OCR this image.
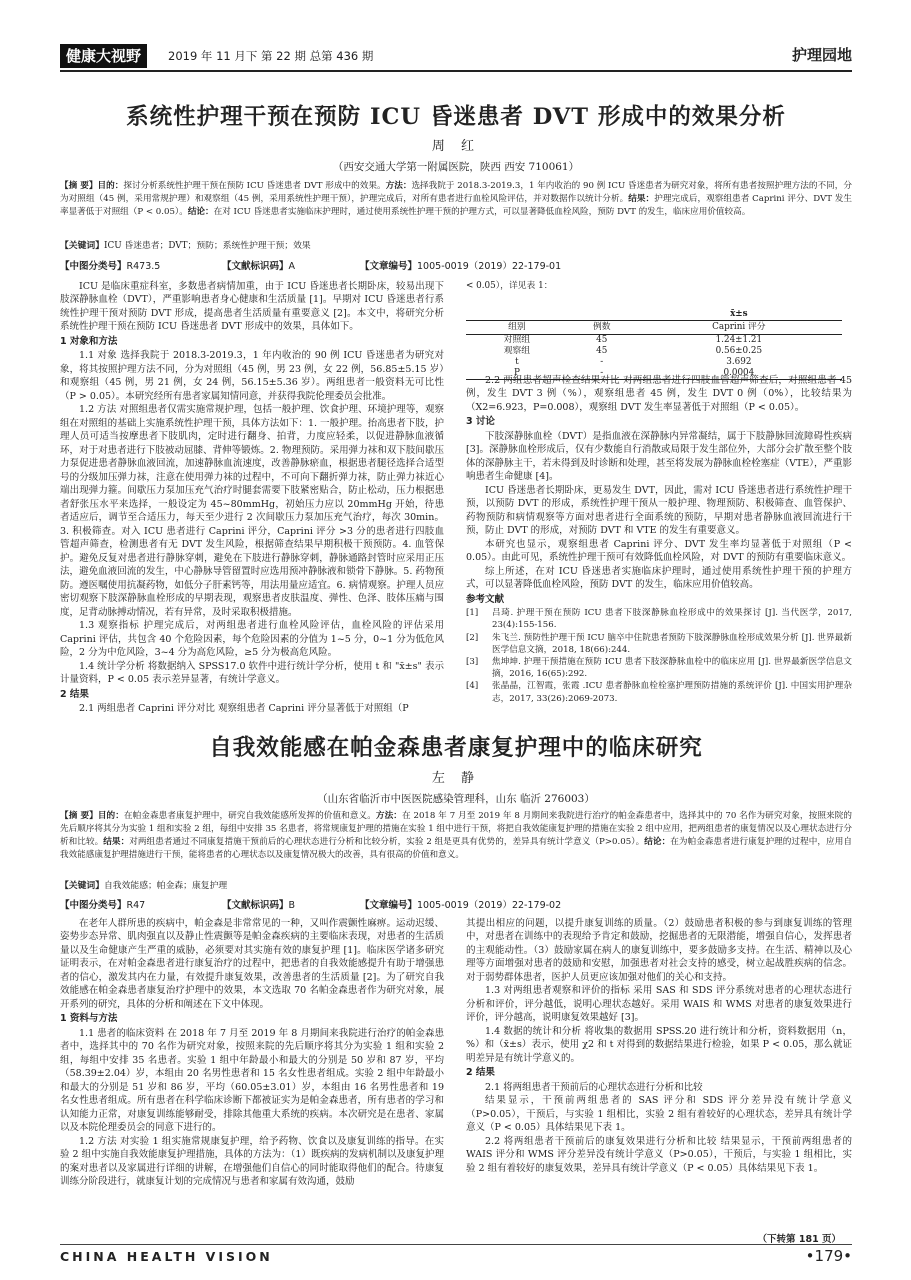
健康大视野	2019 年 11 月下 第 22 期 总第 436 期	护理园地
系统性护理干预在预防 ICU 昏迷患者 DVT 形成中的效果分析
周 红
（西安交通大学第一附属医院，陕西 西安 710061）
【摘 要】目的：探讨分析系统性护理干预在预防 ICU 昏迷患者 DVT 形成中的效果。方法：选择我院于 2018.3-2019.3，1 年内收治的 90 例 ICU 昏迷患者为研究对象，将所有患者按照护理方法的不同，分为对照组（45 例，采用常规护理）和观察组（45 例，采用系统性护理干预），护理完成后，对所有患者进行血栓风险评估，并对数据作以统计分析。结果：护理完成后，观察组患者 Caprini 评分、DVT 发生率显著低于对照组（P < 0.05）。结论：在对 ICU 昏迷患者实施临床护理时，通过使用系统性护理干预的护理方式，可以显著降低血栓风险，预防 DVT 的发生，临床应用价值较高。
【关键词】ICU 昏迷患者；DVT；预防；系统性护理干预；效果
【中图分类号】R473.5	【文献标识码】A	【文章编号】1005-0019（2019）22-179-01

ICU 是临床重症科室，多数患者病情加重，由于 ICU 昏迷患者长期卧床，较易出现下肢深静脉血栓（DVT），严重影响患者身心健康和生活质量 [1]。早期对 ICU 昏迷患者行系统性护理干预对预防 DVT 形成，提高患者生活质量有重要意义 [2]。本文中，将研究分析系统性护理干预在预防 ICU 昏迷患者 DVT 形成中的效果，具体如下。

1 对象和方法

1.1 对象 选择我院于 2018.3-2019.3，1 年内收治的 90 例 ICU 昏迷患者为研究对象，将其按照护理方法不同，分为对照组（45 例，男 23 例，女 22 例，56.85±5.15 岁）和观察组（45 例，男 21 例，女 24 例，56.15±5.36 岁）。两组患者一般资料无可比性（P > 0.05）。本研究经所有患者家属知情同意，并获得我院伦理委员会批准。

1.2 方法 对照组患者仅需实施常规护理，包括一般护理、饮食护理、环境护理等，观察组在对照组的基础上实施系统性护理干预，具体方法如下：1. 一般护理。抬高患者下肢，护理人员可适当按摩患者下肢肌肉，定时进行翻身、拍背，力度应轻柔，以促进静脉血液循环，对于对患者进行下肢被动屈膝、背伸等锻炼。2. 物理预防。采用弹力袜和双下肢间歇压力泵促进患者静脉血液回流，加速静脉血流速度，改善静脉瘀血，根据患者腿径选择合适型号的分级加压弹力袜，注意在使用弹力袜的过程中，不可向下翻折弹力袜，防止弹力袜近心端出现弹力箍。间歇压力泵加压充气治疗时腿套需要下肢紧密贴合，防止松动，压力根据患者舒张压水平来选择，一般设定为 45~80mmHg，初始压力应以 20mmHg 开始，待患者适应后，调节至合适压力，每天至少进行 2 次间歇压力泵加压充气治疗，每次 30min。3. 积极筛查。对入 ICU 患者进行 Caprini 评分，Caprini 评分 >3 分的患者进行四肢血管超声筛查，检测患者有无 DVT 发生风险，根据筛查结果早期积极干预预防。4. 血管保护。避免反复对患者进行静脉穿刺，避免在下肢进行静脉穿刺，静脉通路封管时应采用正压法，避免血液回流的发生，中心静脉导管留置时应选用预冲静脉液和锁骨下静脉。5. 药物预防。遵医嘱使用抗凝药物，如低分子肝素钙等，用法用量应适宜。6. 病情观察。护理人员应密切观察下肢深静脉血栓形成的早期表现，观察患者皮肤温度、弹性、色泽、肢体压痛与围度，足背动脉搏动情况，若有异常，及时采取积极措施。

1.3 观察指标 护理完成后，对两组患者进行血栓风险评估，血栓风险的评估采用 Caprini 评估，共包含 40 个危险因素，每个危险因素的分值为 1~5 分，0~1 分为低危风险，2 分为中危风险，3~4 分为高危风险，≥5 分为极高危风险。

1.4 统计学分析 将数据纳入 SPSS17.0 软件中进行统计学分析，使用 t 和 "x̄±s" 表示计量资料，P < 0.05 表示差异显著，有统计学意义。

2 结果

2.1 两组患者 Caprini 评分对比 观察组患者 Caprini 评分显著低于对照组（P

< 0.05），详见表 1：
		x̄±s
组别	例数	Caprini 评分
对照组	45	1.24±1.21
观察组	45	0.56±0.25
t	-	3.692
P	-	0.0004

2.2 两组患者超声检查结果对比 对两组患者进行四肢血管超声筛查后，对照组患者 45 例，发生 DVT 3 例（%），观察组患者 45 例，发生 DVT 0 例（0%），比较结果为（X2=6.923，P=0.008），观察组 DVT 发生率显著低于对照组（P < 0.05）。

3 讨论

下肢深静脉血栓（DVT）是指血液在深静脉内异常凝结，属于下肢静脉回流障碍性疾病 [3]。深静脉血栓形成后，仅有少数能自行消散或局限于发生部位外，大部分会扩散至整个肢体的深静脉主干，若未得到及时诊断和处理，甚至将发展为静脉血栓栓塞症（VTE），严重影响患者生命健康 [4]。

ICU 昏迷患者长期卧床，更易发生 DVT，因此，需对 ICU 昏迷患者进行系统性护理干预，以预防 DVT 的形成，系统性护理干预从一般护理、物理预防、积极筛查、血管保护、药物预防和病情观察等方面对患者进行全面系统的预防，早期对患者静脉血液回流进行干预，防止 DVT 的形成，对预防 DVT 和 VTE 的发生有重要意义。

本研究也显示，观察组患者 Caprini 评分、DVT 发生率均显著低于对照组（P < 0.05）。由此可见，系统性护理干预可有效降低血栓风险，对 DVT 的预防有重要临床意义。

综上所述，在对 ICU 昏迷患者实施临床护理时，通过使用系统性护理干预的护理方式，可以显著降低血栓风险，预防 DVT 的发生，临床应用价值较高。

参考文献
[1] 吕琦. 护理干预在预防 ICU 患者下肢深静脉血栓形成中的效果探讨 [J]. 当代医学，2017, 23(4):155-156.
[2] 朱飞兰. 预防性护理干预 ICU 脑卒中住院患者预防下肢深静脉血栓形成效果分析 [J]. 世界最新医学信息文摘，2018, 18(66):244.
[3] 焦坤坤. 护理干预措施在预防 ICU 患者下肢深静脉血栓中的临床应用 [J]. 世界最新医学信息文摘，2016, 16(65):292.
[4] 张晶晶，江智霞，张霞 .ICU 患者静脉血栓栓塞护理预防措施的系统评价 [J]. 中国实用护理杂志，2017, 33(26):2069-2073.
自我效能感在帕金森患者康复护理中的临床研究
左 静
（山东省临沂市中医医院感染管理科，山东 临沂 276003）
【摘 要】目的：在帕金森患者康复护理中，研究自我效能感所发挥的价值和意义。方法：在 2018 年 7 月至 2019 年 8 月期间来我院进行治疗的帕金森患者中，选择其中的 70 名作为研究对象，按照来院的先后顺序将其分为实验 1 组和实验 2 组，每组中安排 35 名患者，将常规康复护理的措施在实验 1 组中进行干预，将把自我效能康复护理的措施在实验 2 组中应用，把两组患者的康复情况以及心理状态进行分析和比较。结果：对两组患者通过不同康复措施干预前后的心理状态进行分析和比较分析，实验 2 组是更具有优势的，差异具有统计学意义（P>0.05）。结论：在为帕金森患者进行康复护理的过程中，应用自我效能感康复护理措施进行干预，能将患者的心理状态以及康复情况极大的改善，具有很高的价值和意义。
【关键词】自我效能感；帕金森；康复护理
【中图分类号】R47	【文献标识码】B	【文章编号】1005-0019（2019）22-179-02

在老年人群所患的疾病中，帕金森是非常常见的一种，又叫作震颤性麻痹。运动迟缓、姿势步态异常、肌肉强直以及静止性震颤等是帕金森疾病的主要临床表现，对患者的生活质量以及生命健康产生严重的威胁，必须要对其实施有效的康复护理 [1]。临床医学诸多研究证明表示，在对帕金森患者进行康复治疗的过程中，把患者的自我效能感提升有助于增强患者的信心，激发其内在力量，有效提升康复效果，改善患者的生活质量 [2]。为了研究自我效能感在帕金森患者康复治疗护理中的效果，本文选取 70 名帕金森患者作为研究对象，展开系列的研究，具体的分析和阐述在下文中体现。

1 资料与方法

1.1 患者的临床资料 在 2018 年 7 月至 2019 年 8 月期间来我院进行治疗的帕金森患者中，选择其中的 70 名作为研究对象，按照来院的先后顺序将其分为实验 1 组和实验 2 组，每组中安排 35 名患者。实验 1 组中年龄最小和最大的分别是 50 岁和 87 岁，平均（58.39±2.04）岁，本组由 20 名男性患者和 15 名女性患者组成。实验 2 组中年龄最小和最大的分别是 51 岁和 86 岁，平均（60.05±3.01）岁，本组由 16 名男性患者和 19 名女性患者组成。所有患者在科学临床诊断下都被证实为是帕金森患者，所有患者的学习和认知能力正常，对康复训练能够耐受，排除其他重大系统的疾病。本次研究是在患者、家属以及本院伦理委员会的同意下进行的。

1.2 方法 对实验 1 组实施常规康复护理，给予药物、饮食以及康复训练的指导。在实验 2 组中实施自我效能康复护理措施，具体的方法为：（1）既疾病的发病机制以及康复护理的案对患者以及家属进行详细的讲解，在增强他们自信心的同时能取得他们的配合。待康复训练分阶段进行，就康复计划的完成情况与患者和家属有效沟通，鼓励

其提出相应的问题，以提升康复训练的质量。（2）鼓励患者积极的参与到康复训练的管理中，对患者在训练中的表现给予肯定和鼓励，挖掘患者的无限潜能，增强自信心，发挥患者的主观能动性。（3）鼓励家属在病人的康复训练中，要多鼓励多支持。在生活、精神以及心理等方面增强对患者的鼓励和安慰，加强患者对社会支持的感受，树立起战胜疾病的信念。对于弱势群体患者，医护人员更应该加强对他们的关心和支持。

1.3 对两组患者观察和评价的指标 采用 SAS 和 SDS 评分系统对患者的心理状态进行分析和评价，评分越低，说明心理状态越好。采用 WAIS 和 WMS 对患者的康复效果进行评价，评分越高，说明康复效果越好 [3]。

1.4 数据的统计和分析 将收集的数据用 SPSS.20 进行统计和分析，资料数据用（n，%）和（x̄±s）表示，使用 χ2 和 t 对得到的数据结果进行检验，如果 P < 0.05，那么就证明差异是有统计学意义的。

2 结果

2.1 将两组患者干预前后的心理状态进行分析和比较

结果显示，干预前两组患者的 SAS 评分和 SDS 评分差异没有统计学意义（P>0.05），干预后，与实验 1 组相比，实验 2 组有着较好的心理状态，差异具有统计学意义（P < 0.05）具体结果见下表 1。

2.2 将两组患者干预前后的康复效果进行分析和比较 结果显示，干预前两组患者的 WAIS 评分和 WMS 评分差异没有统计学意义（P>0.05），干预后，与实验 1 组相比，实验 2 组有着较好的康复效果，差异具有统计学意义（P < 0.05）具体结果见下表 1。

（下转第 181 页）
CHINA HEALTH VISION	•179•
